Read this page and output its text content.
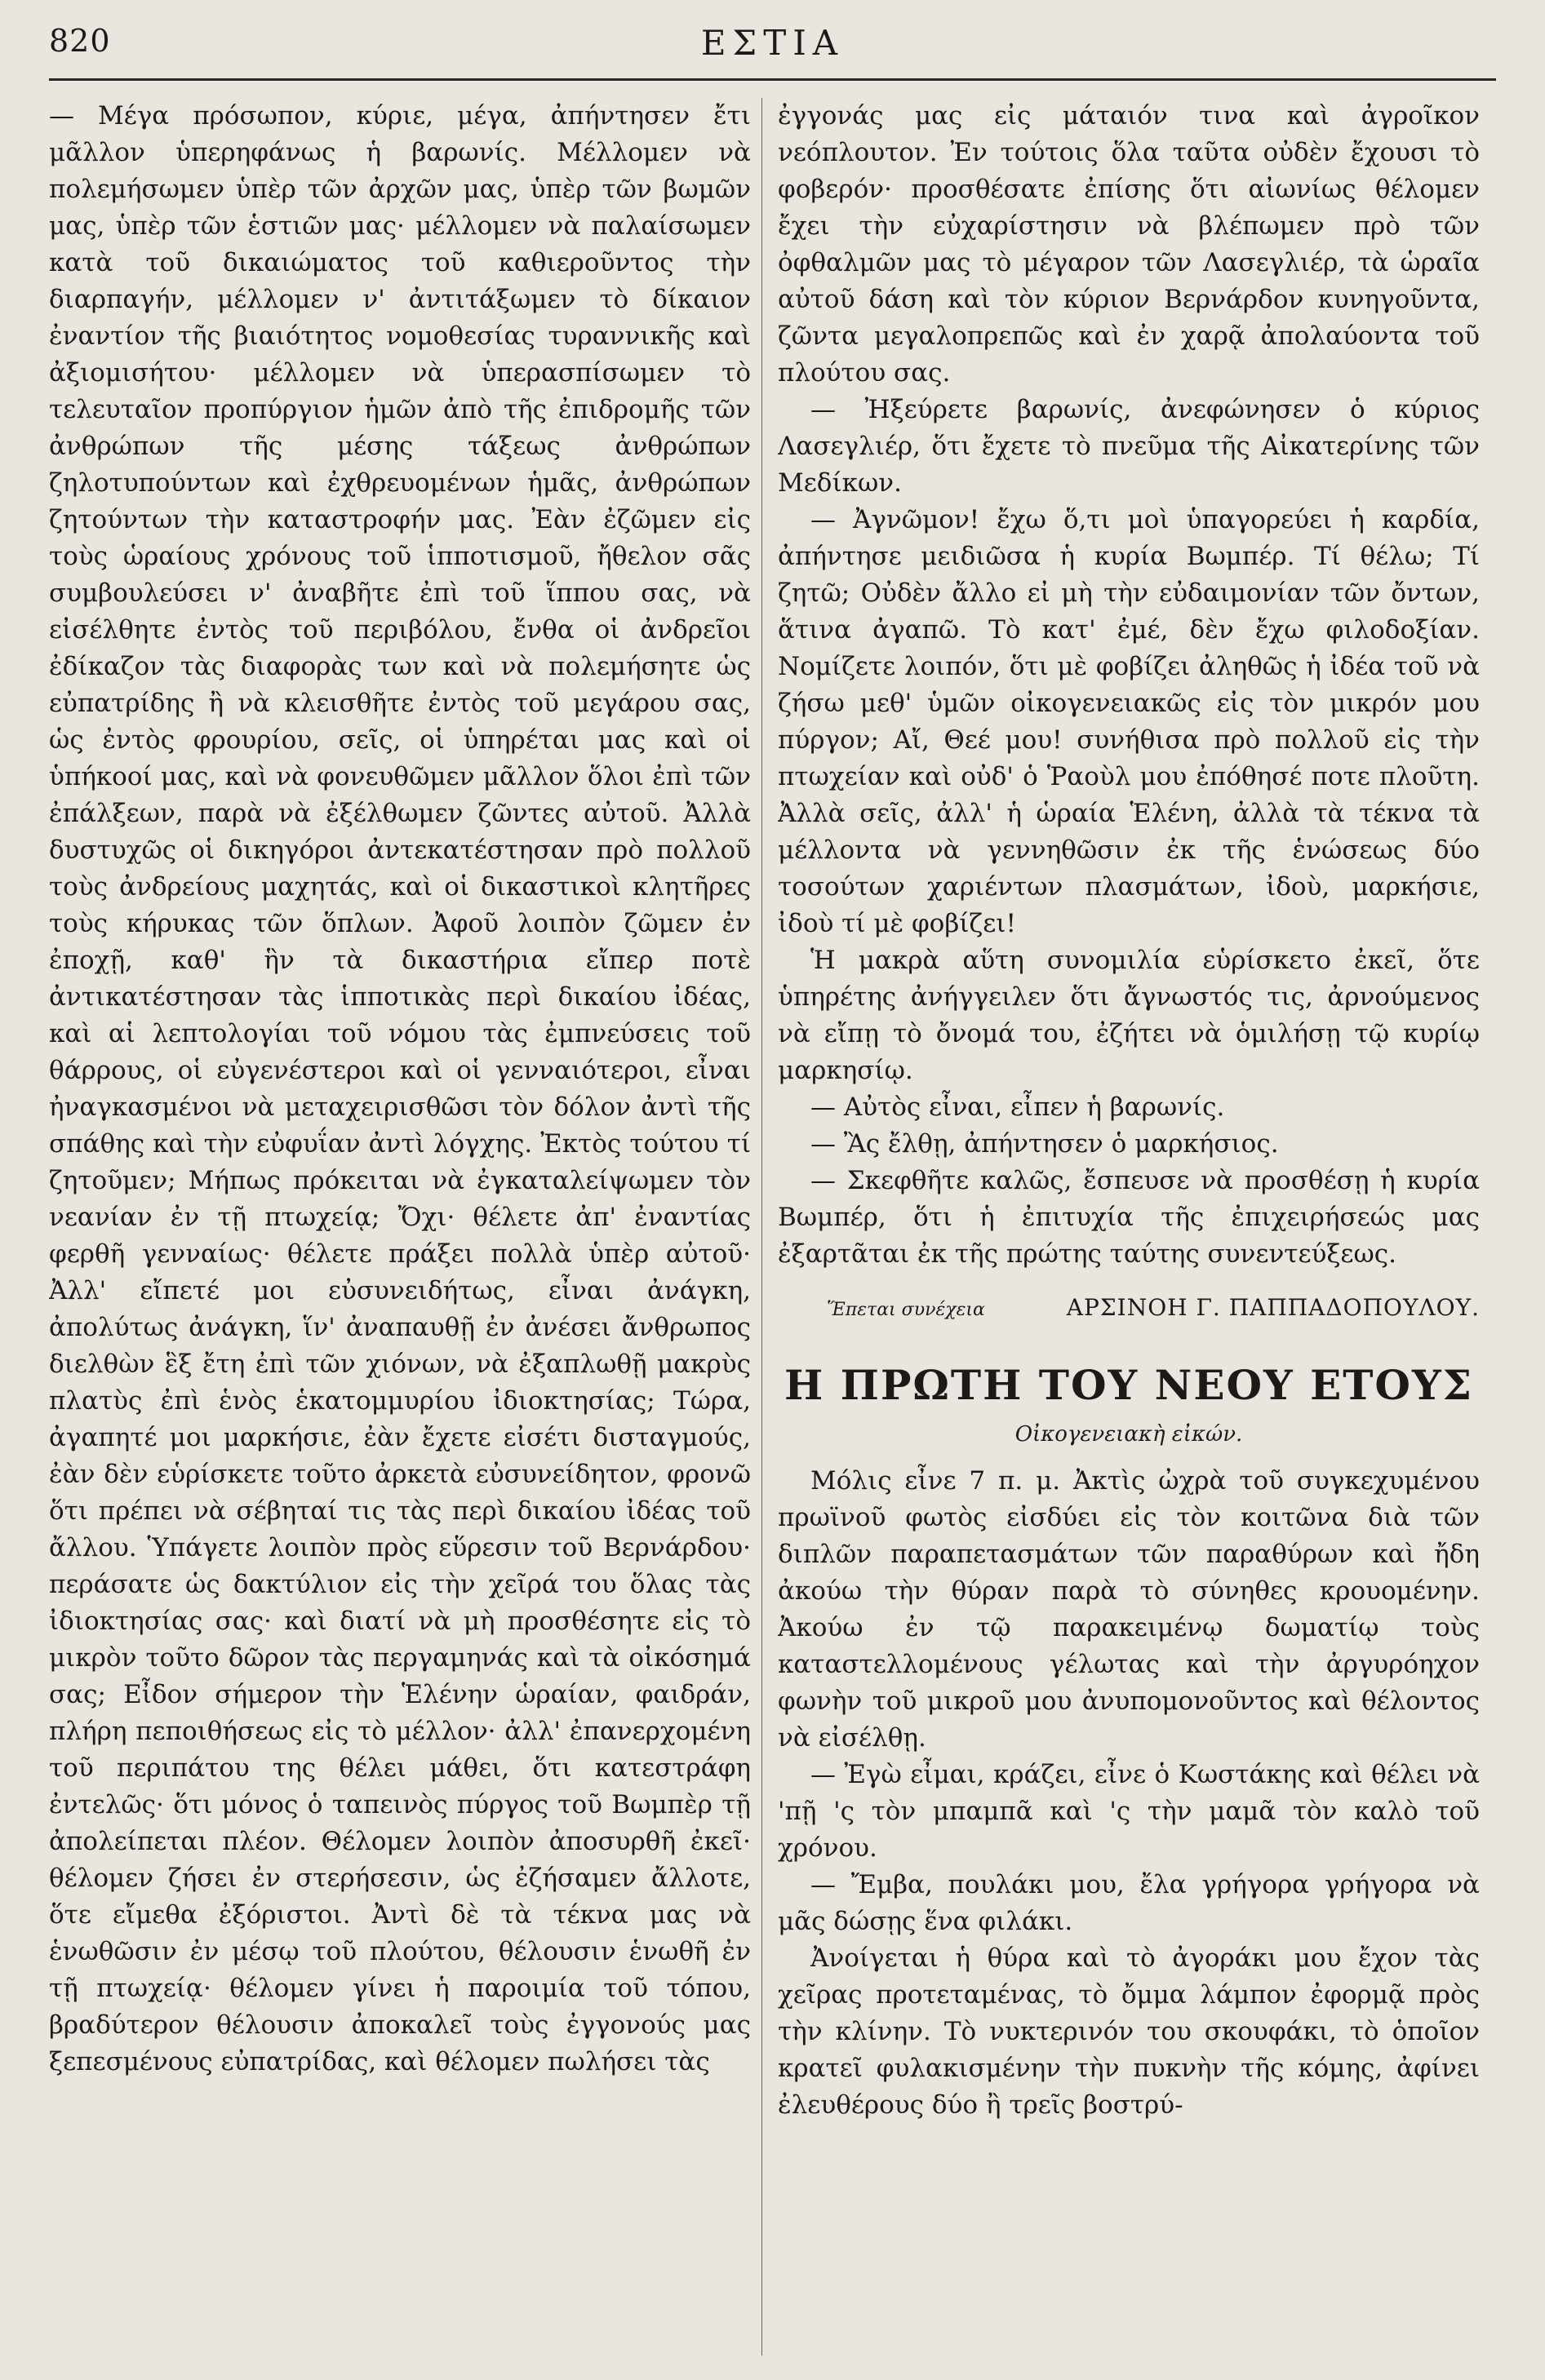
820	ΕΣΤΙΑ

— Μέγα πρόσωπον, κύριε, μέγα, ἀπήντησεν ἔτι μᾶλλον ὑπερηφάνως ἡ βαρωνίς. Μέλλομεν νὰ πολεμήσωμεν ὑπὲρ τῶν ἀρχῶν μας, ὑπὲρ τῶν βωμῶν μας, ὑπὲρ τῶν ἑστιῶν μας· μέλλομεν νὰ παλαίσωμεν κατὰ τοῦ δικαιώματος τοῦ καθιεροῦντος τὴν διαρπαγήν, μέλλομεν ν' ἀντιτάξωμεν τὸ δίκαιον ἐναντίον τῆς βιαιότητος νομοθεσίας τυραννικῆς καὶ ἀξιομισήτου· μέλλομεν νὰ ὑπερασπίσωμεν τὸ τελευταῖον προπύργιον ἡμῶν ἀπὸ τῆς ἐπιδρομῆς τῶν ἀνθρώπων τῆς μέσης τάξεως ἀνθρώπων ζηλοτυπούντων καὶ ἐχθρευομένων ἡμᾶς, ἀνθρώπων ζητούντων τὴν καταστροφήν μας. Ἐὰν ἐζῶμεν εἰς τοὺς ὡραίους χρόνους τοῦ ἱπποτισμοῦ, ἤθελον σᾶς συμβουλεύσει ν' ἀναβῆτε ἐπὶ τοῦ ἵππου σας, νὰ εἰσέλθητε ἐντὸς τοῦ περιβόλου, ἔνθα οἱ ἀνδρεῖοι ἐδίκαζον τὰς διαφορὰς των καὶ νὰ πολεμήσητε ὡς εὐπατρίδης ἢ νὰ κλεισθῆτε ἐντὸς τοῦ μεγάρου σας, ὡς ἐντὸς φρουρίου, σεῖς, οἱ ὑπηρέται μας καὶ οἱ ὑπήκοοί μας, καὶ νὰ φονευθῶμεν μᾶλλον ὅλοι ἐπὶ τῶν ἐπάλξεων, παρὰ νὰ ἐξέλθωμεν ζῶντες αὐτοῦ. Ἀλλὰ δυστυχῶς οἱ δικηγόροι ἀντεκατέστησαν πρὸ πολλοῦ τοὺς ἀνδρείους μαχητάς, καὶ οἱ δικαστικοὶ κλητῆρες τοὺς κήρυκας τῶν ὅπλων. Ἀφοῦ λοιπὸν ζῶμεν ἐν ἐποχῇ, καθ' ἣν τὰ δικαστήρια εἴπερ ποτὲ ἀντικατέστησαν τὰς ἱπποτικὰς περὶ δικαίου ἰδέας, καὶ αἱ λεπτολογίαι τοῦ νόμου τὰς ἐμπνεύσεις τοῦ θάρρους, οἱ εὐγενέστεροι καὶ οἱ γενναιότεροι, εἶναι ἠναγκασμένοι νὰ μεταχειρισθῶσι τὸν δόλον ἀντὶ τῆς σπάθης καὶ τὴν εὐφυΐαν ἀντὶ λόγχης. Ἐκτὸς τούτου τί ζητοῦμεν; Μήπως πρόκειται νὰ ἐγκαταλείψωμεν τὸν νεανίαν ἐν τῇ πτωχείᾳ; Ὄχι· θέλετε ἀπ' ἐναντίας φερθῆ γενναίως· θέλετε πράξει πολλὰ ὑπὲρ αὐτοῦ· Ἀλλ' εἴπετέ μοι εὐσυνειδήτως, εἶναι ἀνάγκη, ἀπολύτως ἀνάγκη, ἵν' ἀναπαυθῇ ἐν ἀνέσει ἄνθρωπος διελθὼν ἓξ ἔτη ἐπὶ τῶν χιόνων, νὰ ἐξαπλωθῇ μακρὺς πλατὺς ἐπὶ ἑνὸς ἑκατομμυρίου ἰδιοκτησίας; Τώρα, ἀγαπητέ μοι μαρκήσιε, ἐὰν ἔχετε εἰσέτι δισταγμούς, ἐὰν δὲν εὑρίσκετε τοῦτο ἀρκετὰ εὐσυνείδητον, φρονῶ ὅτι πρέπει νὰ σέβηταί τις τὰς περὶ δικαίου ἰδέας τοῦ ἄλλου. Ὑπάγετε λοιπὸν πρὸς εὕρεσιν τοῦ Βερνάρδου· περάσατε ὡς δακτύλιον εἰς τὴν χεῖρά του ὅλας τὰς ἰδιοκτησίας σας· καὶ διατί νὰ μὴ προσθέσητε εἰς τὸ μικρὸν τοῦτο δῶρον τὰς περγαμηνάς καὶ τὰ οἰκόσημά σας; Εἶδον σήμερον τὴν Ἑλένην ὡραίαν, φαιδράν, πλήρη πεποιθήσεως εἰς τὸ μέλλον· ἀλλ' ἐπανερχομένη τοῦ περιπάτου της θέλει μάθει, ὅτι κατεστράφη ἐντελῶς· ὅτι μόνος ὁ ταπεινὸς πύργος τοῦ Βωμπὲρ τῇ ἀπολείπεται πλέον. Θέλομεν λοιπὸν ἀποσυρθῆ ἐκεῖ· θέλομεν ζήσει ἐν στερήσεσιν, ὡς ἐζήσαμεν ἄλλοτε, ὅτε εἴμεθα ἐξόριστοι. Ἀντὶ δὲ τὰ τέκνα μας νὰ ἑνωθῶσιν ἐν μέσῳ τοῦ πλούτου, θέλουσιν ἑνωθῆ ἐν τῇ πτωχείᾳ· θέλομεν γίνει ἡ παροιμία τοῦ τόπου, βραδύτερον θέλουσιν ἀποκαλεῖ τοὺς ἐγγονούς μας ξεπεσμένους εὐπατρίδας, καὶ θέλομεν πωλήσει τὰς

ἐγγονάς μας εἰς μάταιόν τινα καὶ ἀγροῖκον νεόπλουτον. Ἐν τούτοις ὅλα ταῦτα οὐδὲν ἔχουσι τὸ φοβερόν· προσθέσατε ἐπίσης ὅτι αἰωνίως θέλομεν ἔχει τὴν εὐχαρίστησιν νὰ βλέπωμεν πρὸ τῶν ὀφθαλμῶν μας τὸ μέγαρον τῶν Λασεγλιέρ, τὰ ὡραῖα αὐτοῦ δάση καὶ τὸν κύριον Βερνάρδον κυνηγοῦντα, ζῶντα μεγαλοπρεπῶς καὶ ἐν χαρᾷ ἀπολαύοντα τοῦ πλούτου σας.

— Ἠξεύρετε βαρωνίς, ἀνεφώνησεν ὁ κύριος Λασεγλιέρ, ὅτι ἔχετε τὸ πνεῦμα τῆς Αἰκατερίνης τῶν Μεδίκων.

— Ἀγνῶμον! ἔχω ὅ,τι μοὶ ὑπαγορεύει ἡ καρδία, ἀπήντησε μειδιῶσα ἡ κυρία Βωμπέρ. Τί θέλω; Τί ζητῶ; Οὐδὲν ἄλλο εἰ μὴ τὴν εὐδαιμονίαν τῶν ὄντων, ἅτινα ἀγαπῶ. Τὸ κατ' ἐμέ, δὲν ἔχω φιλοδοξίαν. Νομίζετε λοιπόν, ὅτι μὲ φοβίζει ἀληθῶς ἡ ἰδέα τοῦ νὰ ζήσω μεθ' ὑμῶν οἰκογενειακῶς εἰς τὸν μικρόν μου πύργον; Αἴ, Θεέ μου! συνήθισα πρὸ πολλοῦ εἰς τὴν πτωχείαν καὶ οὐδ' ὁ Ῥαοὺλ μου ἐπόθησέ ποτε πλοῦτη. Ἀλλὰ σεῖς, ἀλλ' ἡ ὡραία Ἑλένη, ἀλλὰ τὰ τέκνα τὰ μέλλοντα νὰ γεννηθῶσιν ἐκ τῆς ἑνώσεως δύο τοσούτων χαριέντων πλασμάτων, ἰδοὺ, μαρκήσιε, ἰδοὺ τί μὲ φοβίζει!

Ἡ μακρὰ αὕτη συνομιλία εὑρίσκετο ἐκεῖ, ὅτε ὑπηρέτης ἀνήγγειλεν ὅτι ἄγνωστός τις, ἀρνούμενος νὰ εἴπῃ τὸ ὄνομά του, ἐζήτει νὰ ὁμιλήσῃ τῷ κυρίῳ μαρκησίῳ.

— Αὐτὸς εἶναι, εἶπεν ἡ βαρωνίς.

— Ἂς ἔλθῃ, ἀπήντησεν ὁ μαρκήσιος.

— Σκεφθῆτε καλῶς, ἔσπευσε νὰ προσθέσῃ ἡ κυρία Βωμπέρ, ὅτι ἡ ἐπιτυχία τῆς ἐπιχειρήσεώς μας ἐξαρτᾶται ἐκ τῆς πρώτης ταύτης συνεντεύξεως.

Ἕπεται συνέχεια	ΑΡΣΙΝΟΗ Γ. ΠΑΠΠΑΔΟΠΟΥΛΟΥ.
Η ΠΡΩΤΗ ΤΟΥ ΝΕΟΥ ΕΤΟΥΣ
Οἰκογενειακὴ εἰκών.

Μόλις εἶνε 7 π. μ. Ἀκτὶς ὠχρὰ τοῦ συγκεχυμένου πρωϊνοῦ φωτὸς εἰσδύει εἰς τὸν κοιτῶνα διὰ τῶν διπλῶν παραπετασμάτων τῶν παραθύρων καὶ ἤδη ἀκούω τὴν θύραν παρὰ τὸ σύνηθες κρουομένην. Ἀκούω ἐν τῷ παρακειμένῳ δωματίῳ τοὺς καταστελλομένους γέλωτας καὶ τὴν ἀργυρόηχον φωνὴν τοῦ μικροῦ μου ἀνυπομονοῦντος καὶ θέλοντος νὰ εἰσέλθῃ.

— Ἐγὼ εἶμαι, κράζει, εἶνε ὁ Κωστάκης καὶ θέλει νὰ 'πῇ 'ς τὸν μπαμπᾶ καὶ 'ς τὴν μαμᾶ τὸν καλὸ τοῦ χρόνου.

— Ἔμβα, πουλάκι μου, ἔλα γρήγορα γρήγορα νὰ μᾶς δώσῃς ἕνα φιλάκι.

Ἀνοίγεται ἡ θύρα καὶ τὸ ἀγοράκι μου ἔχον τὰς χεῖρας προτεταμένας, τὸ ὄμμα λάμπον ἐφορμᾷ πρὸς τὴν κλίνην. Τὸ νυκτερινόν του σκουφάκι, τὸ ὁποῖον κρατεῖ φυλακισμένην τὴν πυκνὴν τῆς κόμης, ἀφίνει ἐλευθέρους δύο ἢ τρεῖς βοστρύ-
